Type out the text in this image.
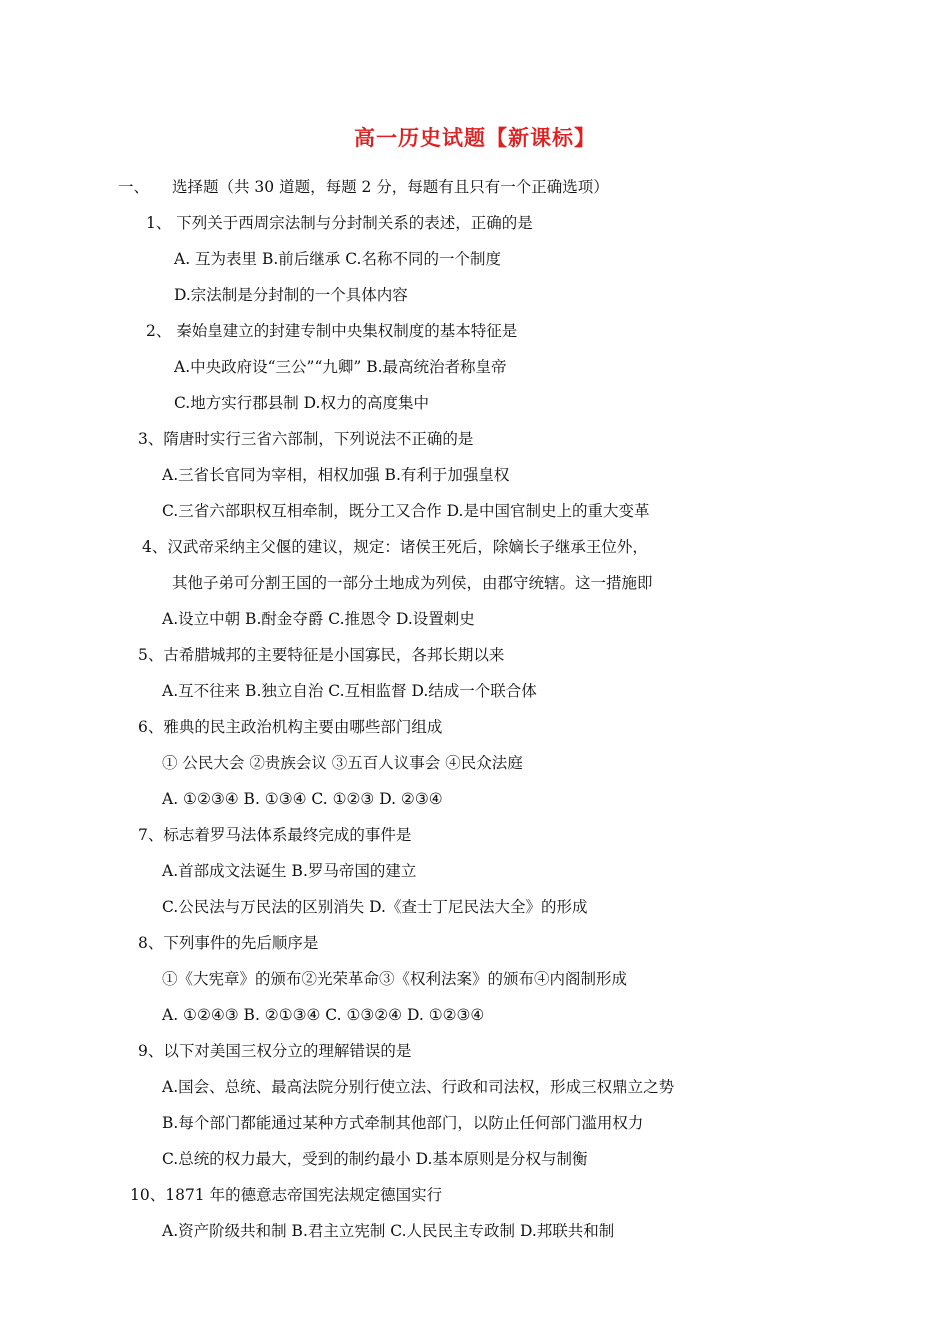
高一历史试题【新课标】
一、 选择题（共 30 道题，每题 2 分，每题有且只有一个正确选项）
1、 下列关于西周宗法制与分封制关系的表述，正确的是
A. 互为表里 B.前后继承 C.名称不同的一个制度
D.宗法制是分封制的一个具体内容
2、 秦始皇建立的封建专制中央集权制度的基本特征是
A.中央政府设“三公”“九卿” B.最高统治者称皇帝
C.地方实行郡县制 D.权力的高度集中
3、隋唐时实行三省六部制，下列说法不正确的是
A.三省长官同为宰相，相权加强 B.有利于加强皇权
C.三省六部职权互相牵制，既分工又合作 D.是中国官制史上的重大变革
4、汉武帝采纳主父偃的建议，规定：诸侯王死后，除嫡长子继承王位外，
其他子弟可分割王国的一部分土地成为列侯，由郡守统辖。这一措施即
A.设立中朝 B.酎金夺爵 C.推恩令 D.设置刺史
5、古希腊城邦的主要特征是小国寡民，各邦长期以来
A.互不往来 B.独立自治 C.互相监督 D.结成一个联合体
6、雅典的民主政治机构主要由哪些部门组成
① 公民大会 ②贵族会议 ③五百人议事会 ④民众法庭
A. ①②③④ B. ①③④ C. ①②③ D. ②③④
7、标志着罗马法体系最终完成的事件是
A.首部成文法诞生 B.罗马帝国的建立
C.公民法与万民法的区别消失 D.《查士丁尼民法大全》的形成
8、下列事件的先后顺序是
①《大宪章》的颁布②光荣革命③《权利法案》的颁布④内阁制形成
A. ①②④③ B. ②①③④ C. ①③②④ D. ①②③④
9、以下对美国三权分立的理解错误的是
A.国会、总统、最高法院分别行使立法、行政和司法权，形成三权鼎立之势
B.每个部门都能通过某种方式牵制其他部门，以防止任何部门滥用权力
C.总统的权力最大，受到的制约最小 D.基本原则是分权与制衡
10、1871 年的德意志帝国宪法规定德国实行
A.资产阶级共和制 B.君主立宪制 C.人民民主专政制 D.邦联共和制
